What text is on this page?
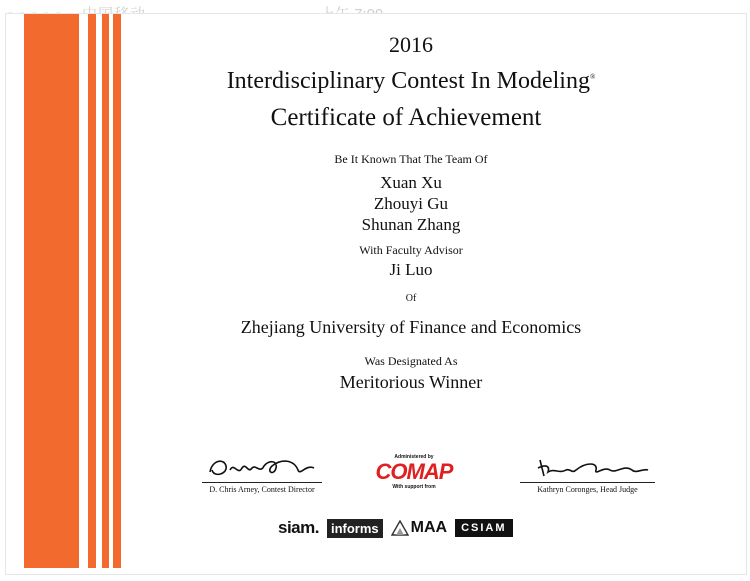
2016
Interdisciplinary Contest In Modeling®
Certificate of Achievement
Be It Known That The Team Of
Xuan Xu
Zhouyi Gu
Shunan Zhang
With Faculty Advisor
Ji Luo
Of
Zhejiang University of Finance and Economics
Was Designated As
Meritorious Winner
D. Chris Arney, Contest Director
Administered by
COMAP
With support from	Kathryn Coronges, Head Judge
siam. informs MAA	CSIAM
